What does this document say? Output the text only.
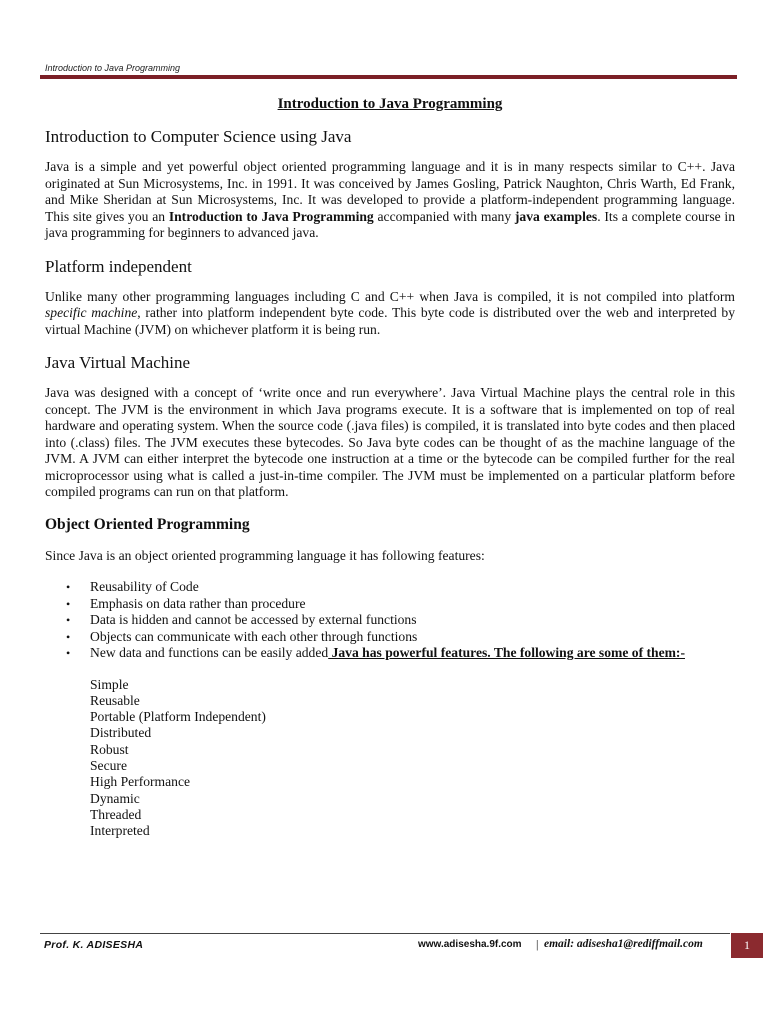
Introduction to Java Programming
Introduction to Java Programming
Introduction to Computer Science using Java

Java is a simple and yet powerful object oriented programming language and it is in many respects similar to C++. Java originated at Sun Microsystems, Inc. in 1991. It was conceived by James Gosling, Patrick Naughton, Chris Warth, Ed Frank, and Mike Sheridan at Sun Microsystems, Inc. It was developed to provide a platform-independent programming language. This site gives you an Introduction to Java Programming accompanied with many java examples. Its a complete course in java programming for beginners to advanced java.

Platform independent

Unlike many other programming languages including C and C++ when Java is compiled, it is not compiled into platform specific machine, rather into platform independent byte code. This byte code is distributed over the web and interpreted by virtual Machine (JVM) on whichever platform it is being run.

Java Virtual Machine

Java was designed with a concept of ‘write once and run everywhere’. Java Virtual Machine plays the central role in this concept. The JVM is the environment in which Java programs execute. It is a software that is implemented on top of real hardware and operating system. When the source code (.java files) is compiled, it is translated into byte codes and then placed into (.class) files. The JVM executes these bytecodes. So Java byte codes can be thought of as the machine language of the JVM. A JVM can either interpret the bytecode one instruction at a time or the bytecode can be compiled further for the real microprocessor using what is called a just-in-time compiler. The JVM must be implemented on a particular platform before compiled programs can run on that platform.

Object Oriented Programming

Since Java is an object oriented programming language it has following features:

• Reusability of Code
• Emphasis on data rather than procedure
• Data is hidden and cannot be accessed by external functions
• Objects can communicate with each other through functions
• New data and functions can be easily added Java has powerful features. The following are some of them:-
Simple
Reusable
Portable (Platform Independent)
Distributed
Robust
Secure
High Performance
Dynamic
Threaded
Interpreted
Prof. K. ADISESHA	www.adisesha.9f.com | email: adisesha1@rediffmail.com	1
